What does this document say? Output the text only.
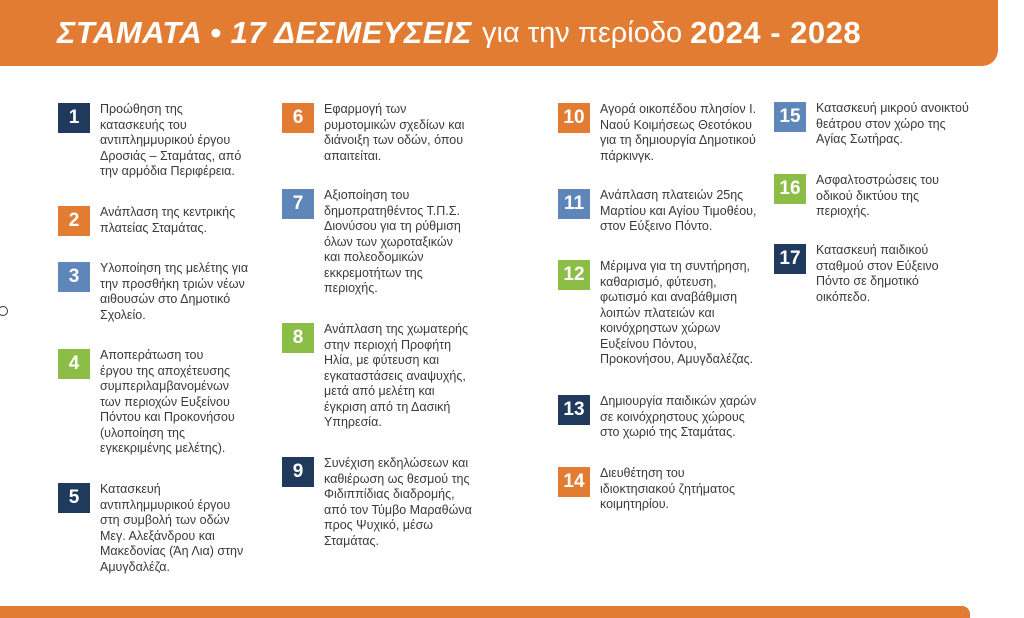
ΣΤΑΜΑΤΑ • 17 ΔΕΣΜΕΥΣΕΙΣ για την περίοδο 2024 - 2028
1	Προώθηση της
κατασκευής του
αντιπλημμυρικού έργου
Δροσιάς – Σταμάτας, από
την αρμόδια Περιφέρεια.
2	Ανάπλαση της κεντρικής
πλατείας Σταμάτας.
3	Υλοποίηση της μελέτης για
την προσθήκη τριών νέων
αιθουσών στο Δημοτικό
Σχολείο.
4	Αποπεράτωση του
έργου της αποχέτευσης
συμπεριλαμβανομένων
των περιοχών Ευξείνου
Πόντου και Προκονήσου
(υλοποίηση της
εγκεκριμένης μελέτης).
5	Κατασκευή
αντιπλημμυρικού έργου
στη συμβολή των οδών
Μεγ. Αλεξάνδρου και
Μακεδονίας (Άη Λια) στην
Αμυγδαλέζα.
6	Εφαρμογή των
ρυμοτομικών σχεδίων και
διάνοιξη των οδών, όπου
απαιτείται.
7	Αξιοποίηση του
δημοπρατηθέντος Τ.Π.Σ.
Διονύσου για τη ρύθμιση
όλων των χωροταξικών
και πολεοδομικών
εκκρεμοτήτων της
περιοχής.
8	Ανάπλαση της χωματερής
στην περιοχή Προφήτη
Ηλία, με φύτευση και
εγκαταστάσεις αναψυχής,
μετά από μελέτη και
έγκριση από τη Δασική
Υπηρεσία.
9	Συνέχιση εκδηλώσεων και
καθιέρωση ως θεσμού της
Φιδιππίδιας διαδρομής,
από τον Τύμβο Μαραθώνα
προς Ψυχικό, μέσω
Σταμάτας.
10	Αγορά οικοπέδου πλησίον Ι.
Ναού Κοιμήσεως Θεοτόκου
για τη δημιουργία Δημοτικού
πάρκινγκ.
11	Ανάπλαση πλατειών 25ης
Μαρτίου και Αγίου Τιμοθέου,
στον Εύξεινο Πόντο.
12	Μέριμνα για τη συντήρηση,
καθαρισμό, φύτευση,
φωτισμό και αναβάθμιση
λοιπών πλατειών και
κοινόχρηστων χώρων
Ευξείνου Πόντου,
Προκονήσου, Αμυγδαλέζας.
13	Δημιουργία παιδικών χαρών
σε κοινόχρηστους χώρους
στο χωριό της Σταμάτας.
14	Διευθέτηση του
ιδιοκτησιακού ζητήματος
κοιμητηρίου.
15	Κατασκευή μικρού ανοικτού
θεάτρου στον χώρο της
Αγίας Σωτήρας.
16	Ασφαλτοστρώσεις του
οδικού δικτύου της
περιοχής.
17	Κατασκευή παιδικού
σταθμού στον Εύξεινο
Πόντο σε δημοτικό
οικόπεδο.
